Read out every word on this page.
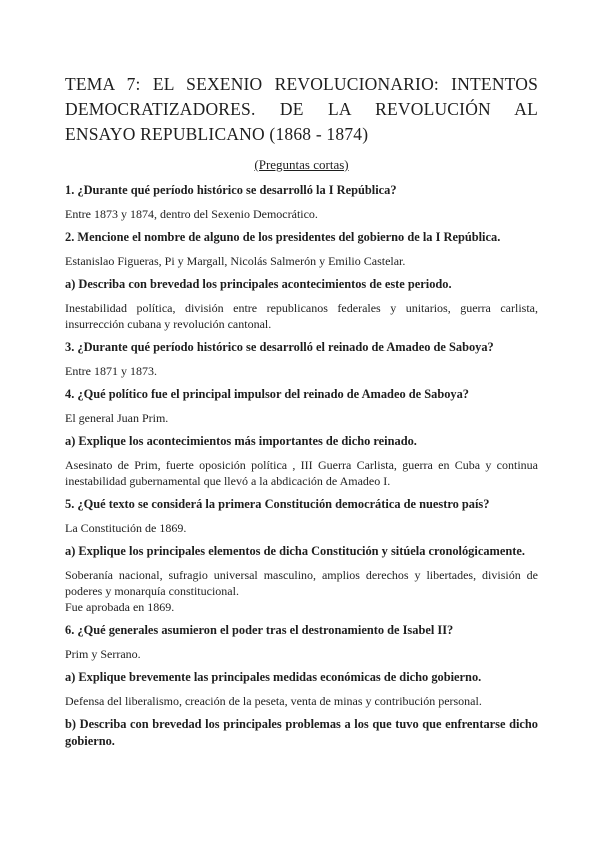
TEMA 7: EL SEXENIO REVOLUCIONARIO: INTENTOS
DEMOCRATIZADORES. DE LA REVOLUCIÓN AL
ENSAYO REPUBLICANO (1868 - 1874)
(Preguntas cortas)

1. ¿Durante qué período histórico se desarrolló la I República?

Entre 1873 y 1874, dentro del Sexenio Democrático.

2. Mencione el nombre de alguno de los presidentes del gobierno de la I República.

Estanislao Figueras, Pi y Margall, Nicolás Salmerón y Emilio Castelar.

a) Describa con brevedad los principales acontecimientos de este periodo.

Inestabilidad política, división entre republicanos federales y unitarios, guerra carlista, insurrección cubana y revolución cantonal.

3. ¿Durante qué período histórico se desarrolló el reinado de Amadeo de Saboya?

Entre 1871 y 1873.

4. ¿Qué político fue el principal impulsor del reinado de Amadeo de Saboya?

El general Juan Prim.

a) Explique los acontecimientos más importantes de dicho reinado.

Asesinato de Prim, fuerte oposición política , III Guerra Carlista, guerra en Cuba y continua inestabilidad gubernamental que llevó a la abdicación de Amadeo I.

5. ¿Qué texto se considerá la primera Constitución democrática de nuestro país?

La Constitución de 1869.

a) Explique los principales elementos de dicha Constitución y sitúela cronológicamente.

Soberanía nacional, sufragio universal masculino, amplios derechos y libertades, división de poderes y monarquía constitucional.

Fue aprobada en 1869.

6. ¿Qué generales asumieron el poder tras el destronamiento de Isabel II?

Prim y Serrano.

a) Explique brevemente las principales medidas económicas de dicho gobierno.

Defensa del liberalismo, creación de la peseta, venta de minas y contribución personal.

b) Describa con brevedad los principales problemas a los que tuvo que enfrentarse dicho gobierno.
